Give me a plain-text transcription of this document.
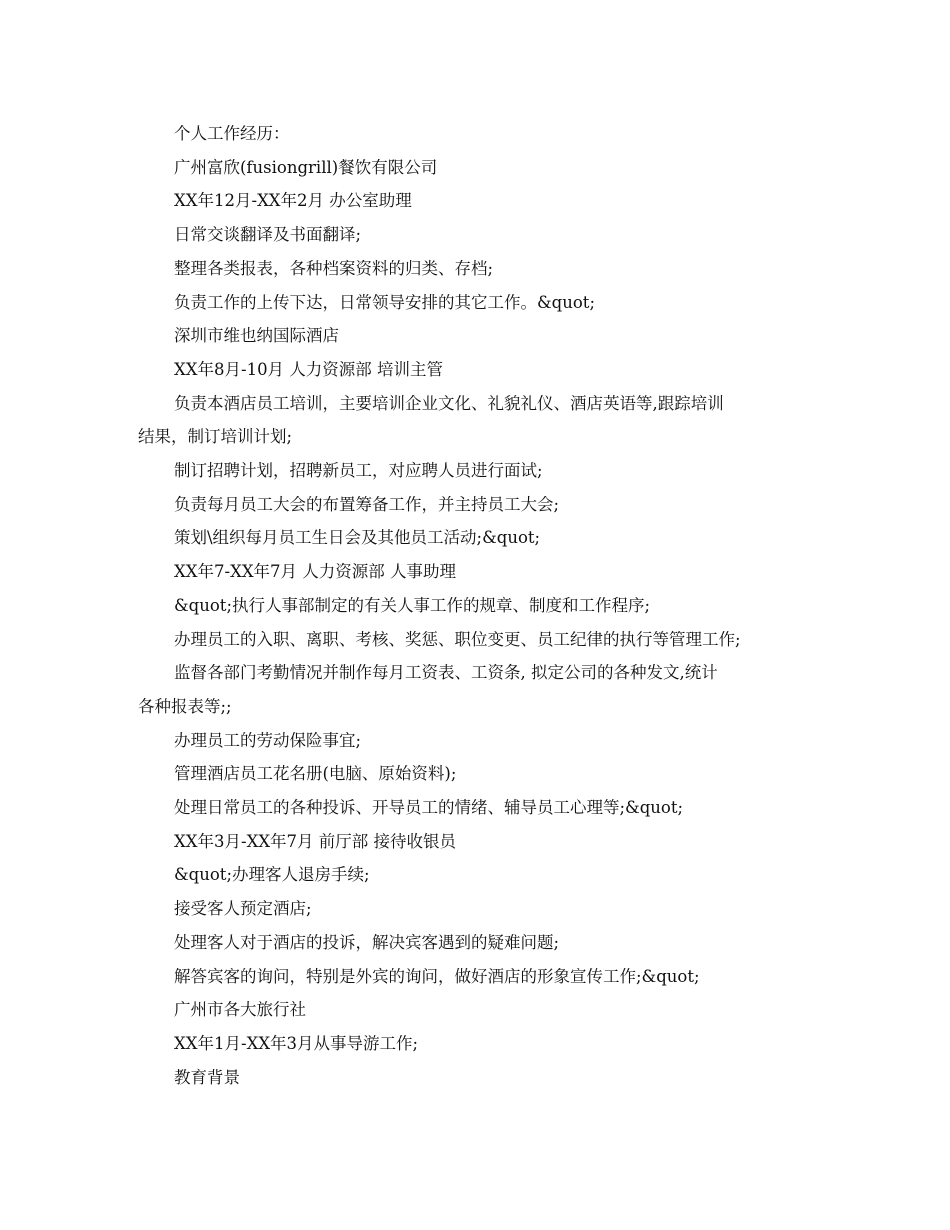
个人工作经历：

广州富欣(fusiongrill)餐饮有限公司

XX年12月-XX年2月 办公室助理

日常交谈翻译及书面翻译;

整理各类报表，各种档案资料的归类、存档;

负责工作的上传下达，日常领导安排的其它工作。&quot;

深圳市维也纳国际酒店

XX年8月-10月 人力资源部 培训主管

负责本酒店员工培训，主要培训企业文化、礼貌礼仪、酒店英语等,跟踪培训

结果，制订培训计划;

制订招聘计划，招聘新员工，对应聘人员进行面试;

负责每月员工大会的布置筹备工作，并主持员工大会;

策划\组织每月员工生日会及其他员工活动;&quot;

XX年7-XX年7月 人力资源部 人事助理

&quot;执行人事部制定的有关人事工作的规章、制度和工作程序;

办理员工的入职、离职、考核、奖惩、职位变更、员工纪律的执行等管理工作;

监督各部门考勤情况并制作每月工资表、工资条, 拟定公司的各种发文,统计

各种报表等;;

办理员工的劳动保险事宜;

管理酒店员工花名册(电脑、原始资料);

处理日常员工的各种投诉、开导员工的情绪、辅导员工心理等;&quot;

XX年3月-XX年7月 前厅部 接待收银员

&quot;办理客人退房手续;

接受客人预定酒店;

处理客人对于酒店的投诉，解决宾客遇到的疑难问题;

解答宾客的询问，特别是外宾的询问，做好酒店的形象宣传工作;&quot;

广州市各大旅行社

XX年1月-XX年3月从事导游工作;

教育背景
